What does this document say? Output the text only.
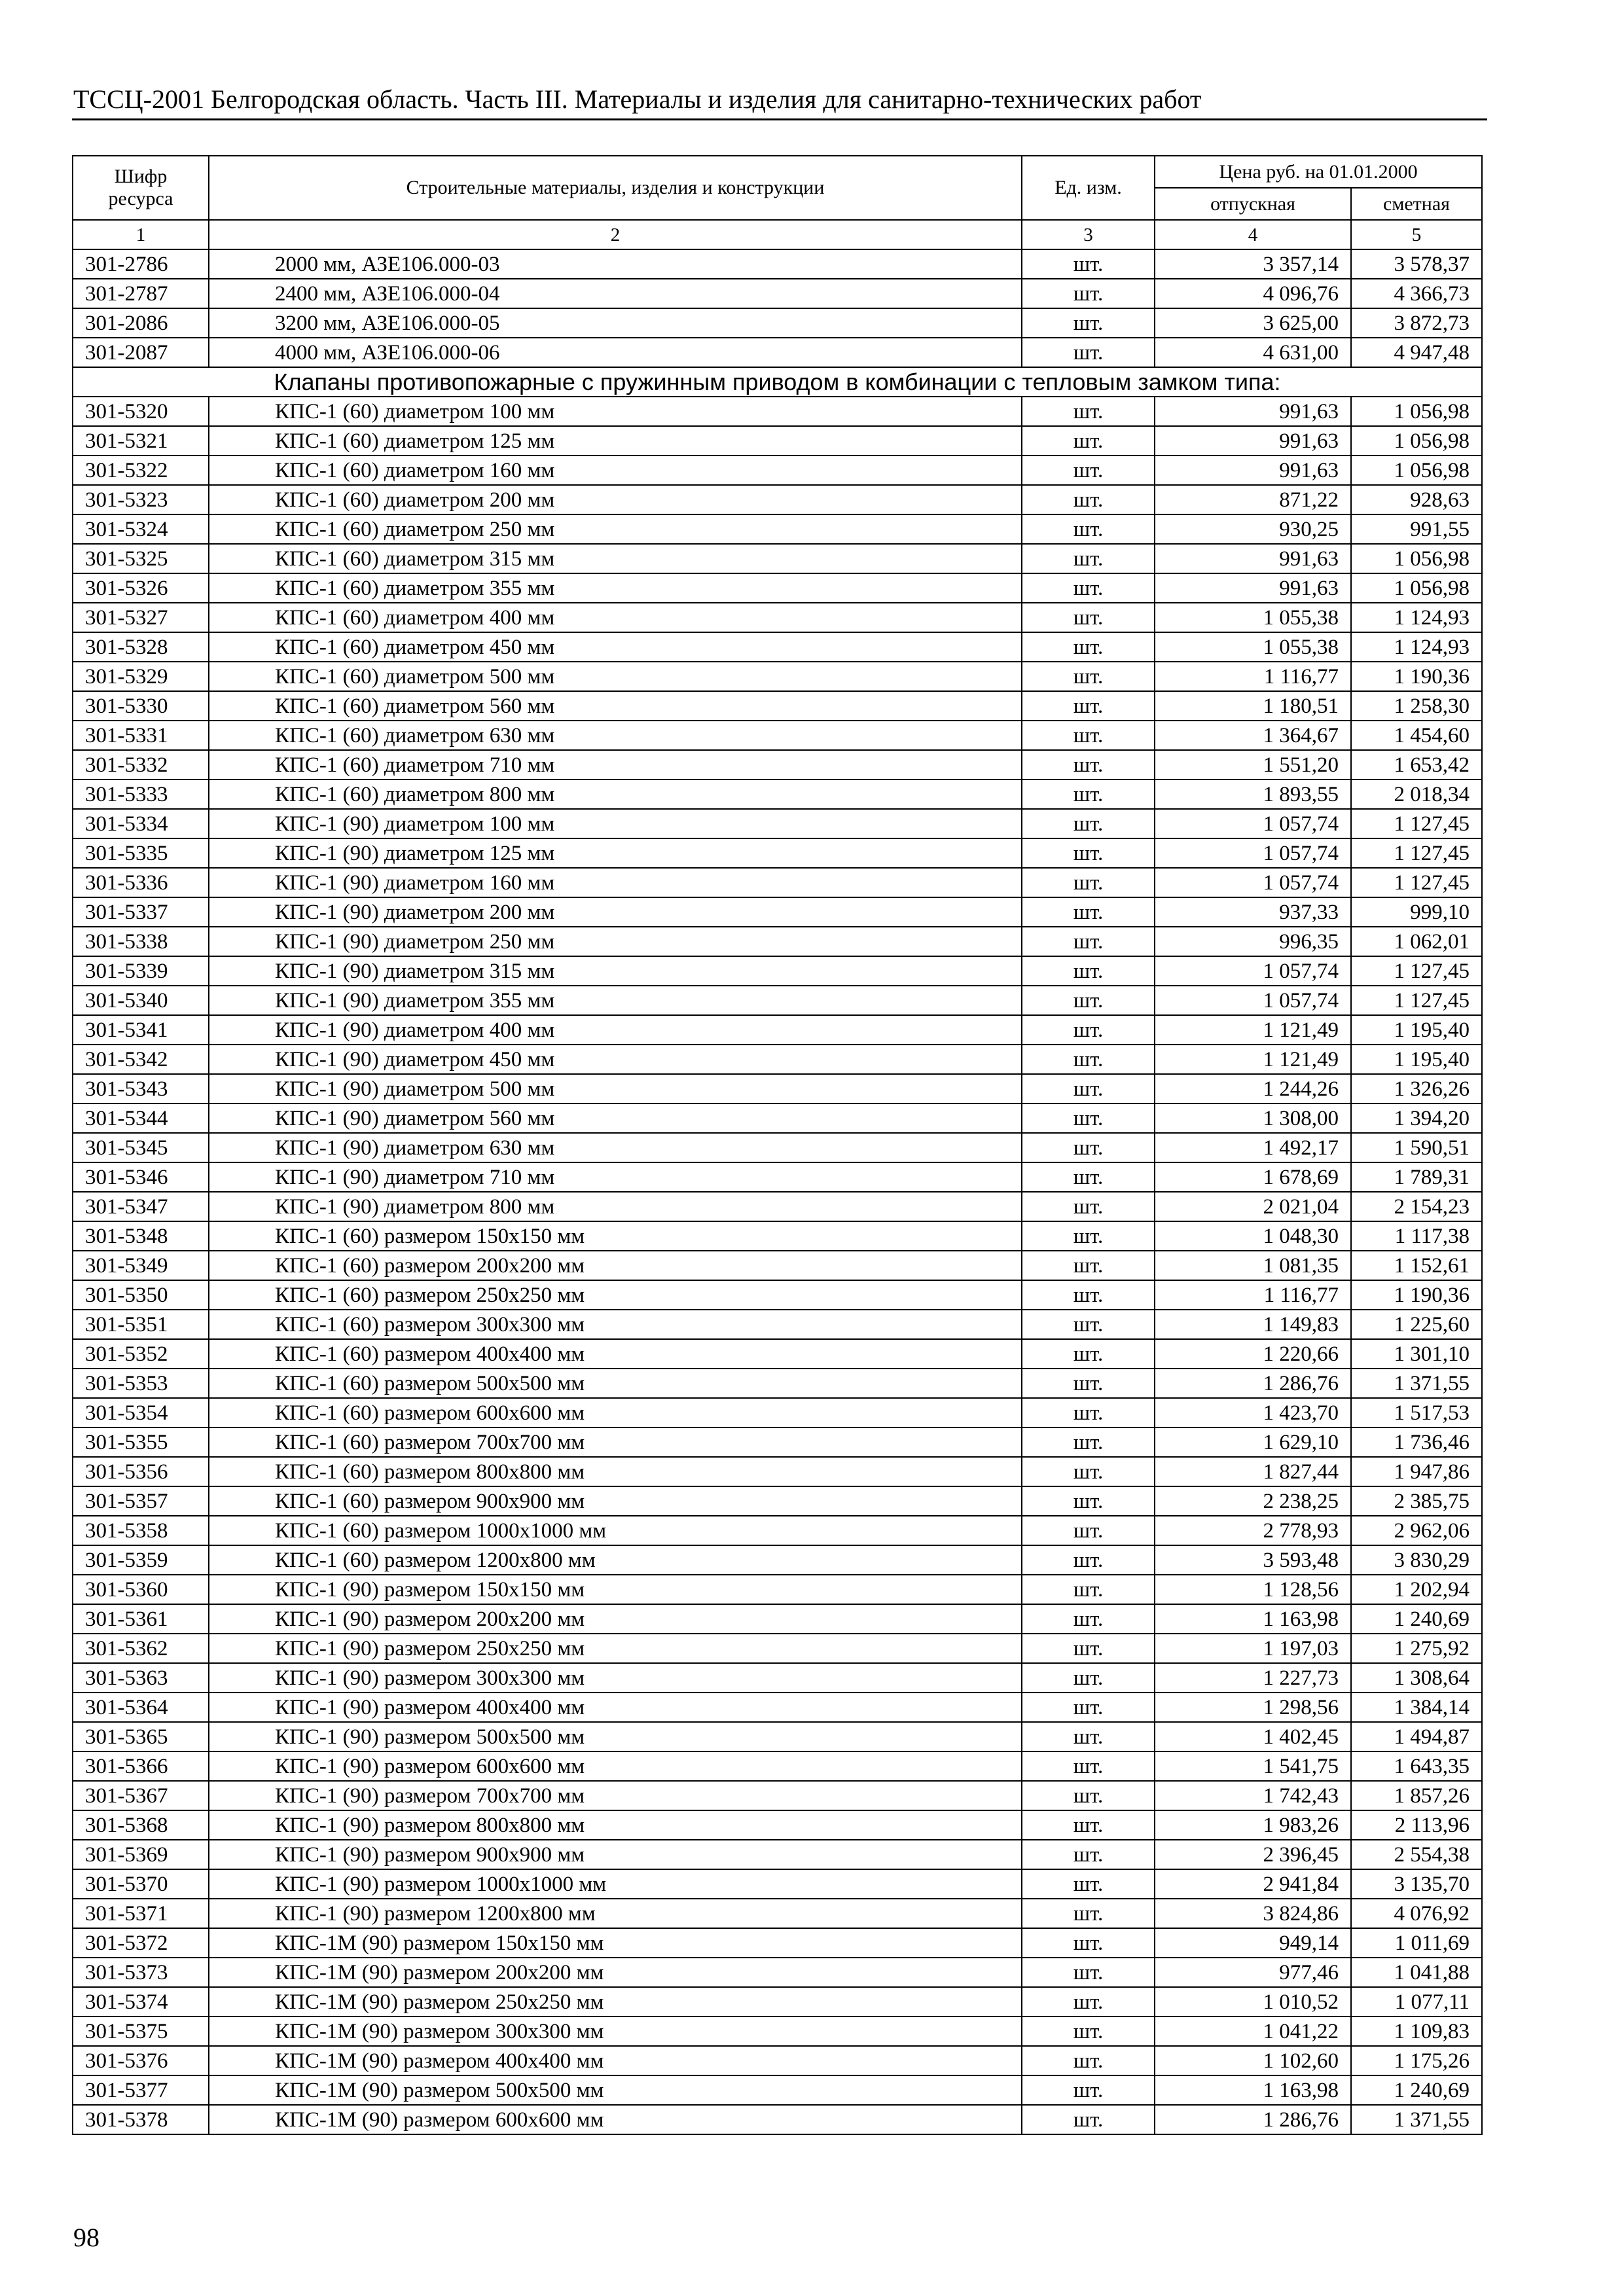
ТССЦ-2001 Белгородская область. Часть III. Материалы и изделия для санитарно-технических работ
Шифр ресурса	Строительные материалы, изделия и конструкции	Ед. изм.	Цена руб. на 01.01.2000	
			отпускная	сметная
1	2	3	4	5
301-2786	2000 мм, АЗЕ106.000-03	шт.	3 357,14	3 578,37
301-2787	2400 мм, АЗЕ106.000-04	шт.	4 096,76	4 366,73
301-2086	3200 мм, АЗЕ106.000-05	шт.	3 625,00	3 872,73
301-2087	4000 мм, АЗЕ106.000-06	шт.	4 631,00	4 947,48
Клапаны противопожарные с пружинным приводом в комбинации с тепловым замком типа:				
301-5320	КПС-1 (60) диаметром 100 мм	шт.	991,63	1 056,98
301-5321	КПС-1 (60) диаметром 125 мм	шт.	991,63	1 056,98
301-5322	КПС-1 (60) диаметром 160 мм	шт.	991,63	1 056,98
301-5323	КПС-1 (60) диаметром 200 мм	шт.	871,22	928,63
301-5324	КПС-1 (60) диаметром 250 мм	шт.	930,25	991,55
301-5325	КПС-1 (60) диаметром 315 мм	шт.	991,63	1 056,98
301-5326	КПС-1 (60) диаметром 355 мм	шт.	991,63	1 056,98
301-5327	КПС-1 (60) диаметром 400 мм	шт.	1 055,38	1 124,93
301-5328	КПС-1 (60) диаметром 450 мм	шт.	1 055,38	1 124,93
301-5329	КПС-1 (60) диаметром 500 мм	шт.	1 116,77	1 190,36
301-5330	КПС-1 (60) диаметром 560 мм	шт.	1 180,51	1 258,30
301-5331	КПС-1 (60) диаметром 630 мм	шт.	1 364,67	1 454,60
301-5332	КПС-1 (60) диаметром 710 мм	шт.	1 551,20	1 653,42
301-5333	КПС-1 (60) диаметром 800 мм	шт.	1 893,55	2 018,34
301-5334	КПС-1 (90) диаметром 100 мм	шт.	1 057,74	1 127,45
301-5335	КПС-1 (90) диаметром 125 мм	шт.	1 057,74	1 127,45
301-5336	КПС-1 (90) диаметром 160 мм	шт.	1 057,74	1 127,45
301-5337	КПС-1 (90) диаметром 200 мм	шт.	937,33	999,10
301-5338	КПС-1 (90) диаметром 250 мм	шт.	996,35	1 062,01
301-5339	КПС-1 (90) диаметром 315 мм	шт.	1 057,74	1 127,45
301-5340	КПС-1 (90) диаметром 355 мм	шт.	1 057,74	1 127,45
301-5341	КПС-1 (90) диаметром 400 мм	шт.	1 121,49	1 195,40
301-5342	КПС-1 (90) диаметром 450 мм	шт.	1 121,49	1 195,40
301-5343	КПС-1 (90) диаметром 500 мм	шт.	1 244,26	1 326,26
301-5344	КПС-1 (90) диаметром 560 мм	шт.	1 308,00	1 394,20
301-5345	КПС-1 (90) диаметром 630 мм	шт.	1 492,17	1 590,51
301-5346	КПС-1 (90) диаметром 710 мм	шт.	1 678,69	1 789,31
301-5347	КПС-1 (90) диаметром 800 мм	шт.	2 021,04	2 154,23
301-5348	КПС-1 (60) размером 150x150 мм	шт.	1 048,30	1 117,38
301-5349	КПС-1 (60) размером 200x200 мм	шт.	1 081,35	1 152,61
301-5350	КПС-1 (60) размером 250x250 мм	шт.	1 116,77	1 190,36
301-5351	КПС-1 (60) размером 300x300 мм	шт.	1 149,83	1 225,60
301-5352	КПС-1 (60) размером 400x400 мм	шт.	1 220,66	1 301,10
301-5353	КПС-1 (60) размером 500x500 мм	шт.	1 286,76	1 371,55
301-5354	КПС-1 (60) размером 600x600 мм	шт.	1 423,70	1 517,53
301-5355	КПС-1 (60) размером 700x700 мм	шт.	1 629,10	1 736,46
301-5356	КПС-1 (60) размером 800x800 мм	шт.	1 827,44	1 947,86
301-5357	КПС-1 (60) размером 900x900 мм	шт.	2 238,25	2 385,75
301-5358	КПС-1 (60) размером 1000x1000 мм	шт.	2 778,93	2 962,06
301-5359	КПС-1 (60) размером 1200x800 мм	шт.	3 593,48	3 830,29
301-5360	КПС-1 (90) размером 150x150 мм	шт.	1 128,56	1 202,94
301-5361	КПС-1 (90) размером 200x200 мм	шт.	1 163,98	1 240,69
301-5362	КПС-1 (90) размером 250x250 мм	шт.	1 197,03	1 275,92
301-5363	КПС-1 (90) размером 300x300 мм	шт.	1 227,73	1 308,64
301-5364	КПС-1 (90) размером 400x400 мм	шт.	1 298,56	1 384,14
301-5365	КПС-1 (90) размером 500x500 мм	шт.	1 402,45	1 494,87
301-5366	КПС-1 (90) размером 600x600 мм	шт.	1 541,75	1 643,35
301-5367	КПС-1 (90) размером 700x700 мм	шт.	1 742,43	1 857,26
301-5368	КПС-1 (90) размером 800x800 мм	шт.	1 983,26	2 113,96
301-5369	КПС-1 (90) размером 900x900 мм	шт.	2 396,45	2 554,38
301-5370	КПС-1 (90) размером 1000x1000 мм	шт.	2 941,84	3 135,70
301-5371	КПС-1 (90) размером 1200x800 мм	шт.	3 824,86	4 076,92
301-5372	КПС-1М (90) размером 150x150 мм	шт.	949,14	1 011,69
301-5373	КПС-1М (90) размером 200x200 мм	шт.	977,46	1 041,88
301-5374	КПС-1М (90) размером 250x250 мм	шт.	1 010,52	1 077,11
301-5375	КПС-1М (90) размером 300x300 мм	шт.	1 041,22	1 109,83
301-5376	КПС-1М (90) размером 400x400 мм	шт.	1 102,60	1 175,26
301-5377	КПС-1М (90) размером 500x500 мм	шт.	1 163,98	1 240,69
301-5378	КПС-1М (90) размером 600x600 мм	шт.	1 286,76	1 371,55
98
